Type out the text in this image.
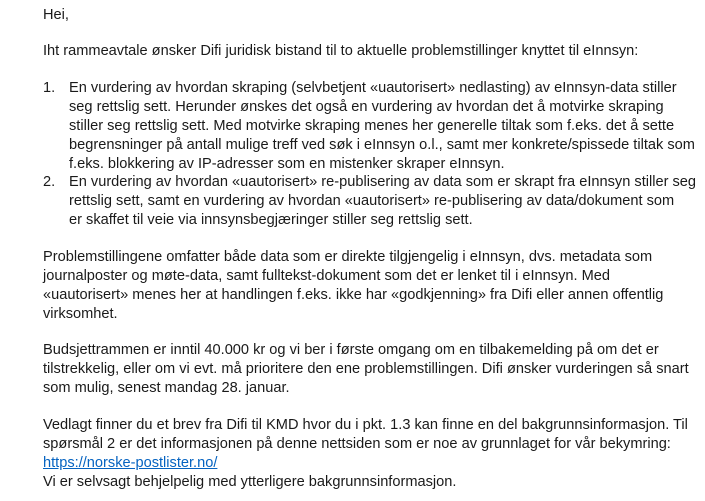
Hei,
Iht rammeavtale ønsker Difi juridisk bistand til to aktuelle problemstillinger knyttet til eInnsyn:
1. En vurdering av hvordan skraping (selvbetjent «uautorisert» nedlasting) av eInnsyn-data stiller
seg rettslig sett. Herunder ønskes det også en vurdering av hvordan det å motvirke skraping
stiller seg rettslig sett. Med motvirke skraping menes her generelle tiltak som f.eks. det å sette
begrensninger på antall mulige treff ved søk i eInnsyn o.l., samt mer konkrete/spissede tiltak som
f.eks. blokkering av IP-adresser som en mistenker skraper eInnsyn.
2. En vurdering av hvordan «uautorisert» re-publisering av data som er skrapt fra eInnsyn stiller seg
rettslig sett, samt en vurdering av hvordan «uautorisert» re-publisering av data/dokument som
er skaffet til veie via innsynsbegjæringer stiller seg rettslig sett.
Problemstillingene omfatter både data som er direkte tilgjengelig i eInnsyn, dvs. metadata som
journalposter og møte-data, samt fulltekst-dokument som det er lenket til i eInnsyn. Med
«uautorisert» menes her at handlingen f.eks. ikke har «godkjenning» fra Difi eller annen offentlig
virksomhet.
Budsjettrammen er inntil 40.000 kr og vi ber i første omgang om en tilbakemelding på om det er
tilstrekkelig, eller om vi evt. må prioritere den ene problemstillingen. Difi ønsker vurderingen så snart
som mulig, senest mandag 28. januar.
Vedlagt finner du et brev fra Difi til KMD hvor du i pkt. 1.3 kan finne en del bakgrunnsinformasjon. Til
spørsmål 2 er det informasjonen på denne nettsiden som er noe av grunnlaget for vår bekymring:
https://norske-postlister.no/
Vi er selvsagt behjelpelig med ytterligere bakgrunnsinformasjon.
